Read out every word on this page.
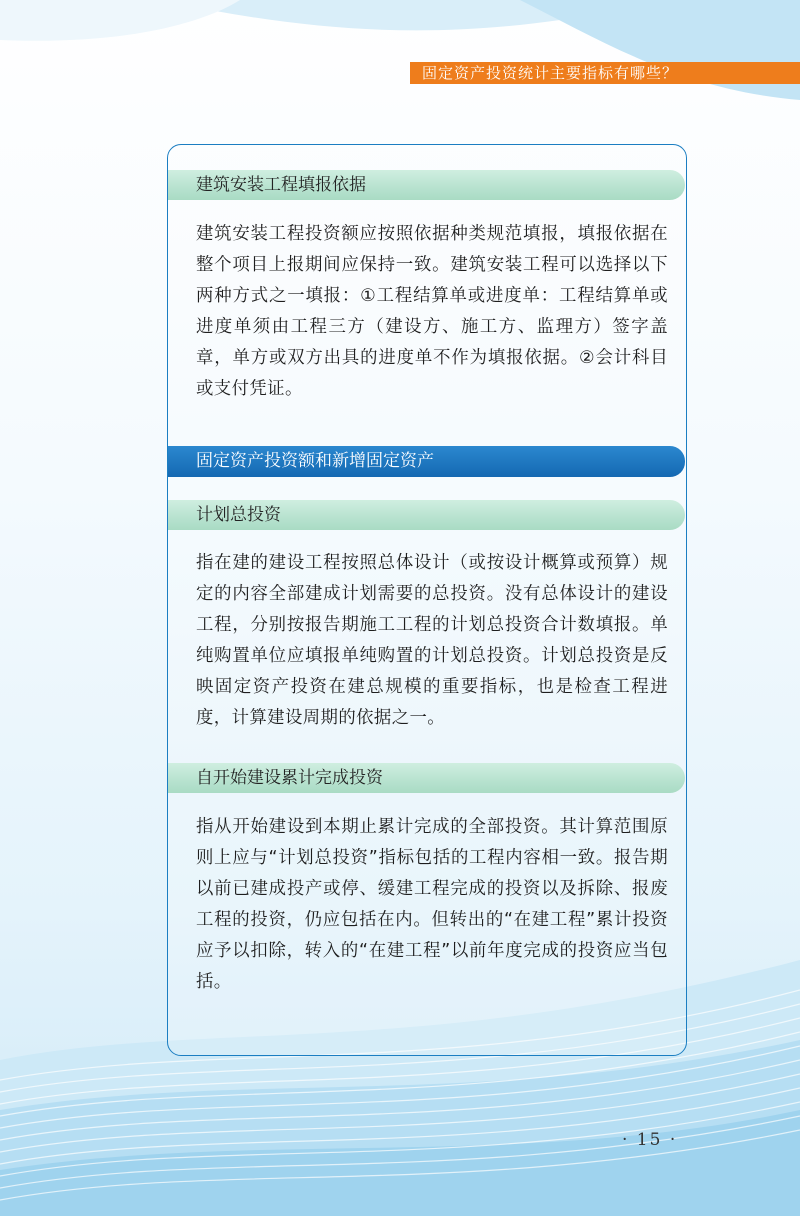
固定资产投资统计主要指标有哪些？
建筑安装工程填报依据

建筑安装工程投资额应按照依据种类规范填报，填报依据在整个项目上报期间应保持一致。建筑安装工程可以选择以下两种方式之一填报：①工程结算单或进度单：工程结算单或进度单须由工程三方（建设方、施工方、监理方）签字盖章，单方或双方出具的进度单不作为填报依据。②会计科目或支付凭证。

固定资产投资额和新增固定资产
计划总投资

指在建的建设工程按照总体设计（或按设计概算或预算）规定的内容全部建成计划需要的总投资。没有总体设计的建设工程，分别按报告期施工工程的计划总投资合计数填报。单纯购置单位应填报单纯购置的计划总投资。计划总投资是反映固定资产投资在建总规模的重要指标，也是检查工程进度，计算建设周期的依据之一。

自开始建设累计完成投资

指从开始建设到本期止累计完成的全部投资。其计算范围原则上应与“计划总投资”指标包括的工程内容相一致。报告期以前已建成投产或停、缓建工程完成的投资以及拆除、报废工程的投资，仍应包括在内。但转出的“在建工程”累计投资应予以扣除，转入的“在建工程”以前年度完成的投资应当包括。

· 15 ·
